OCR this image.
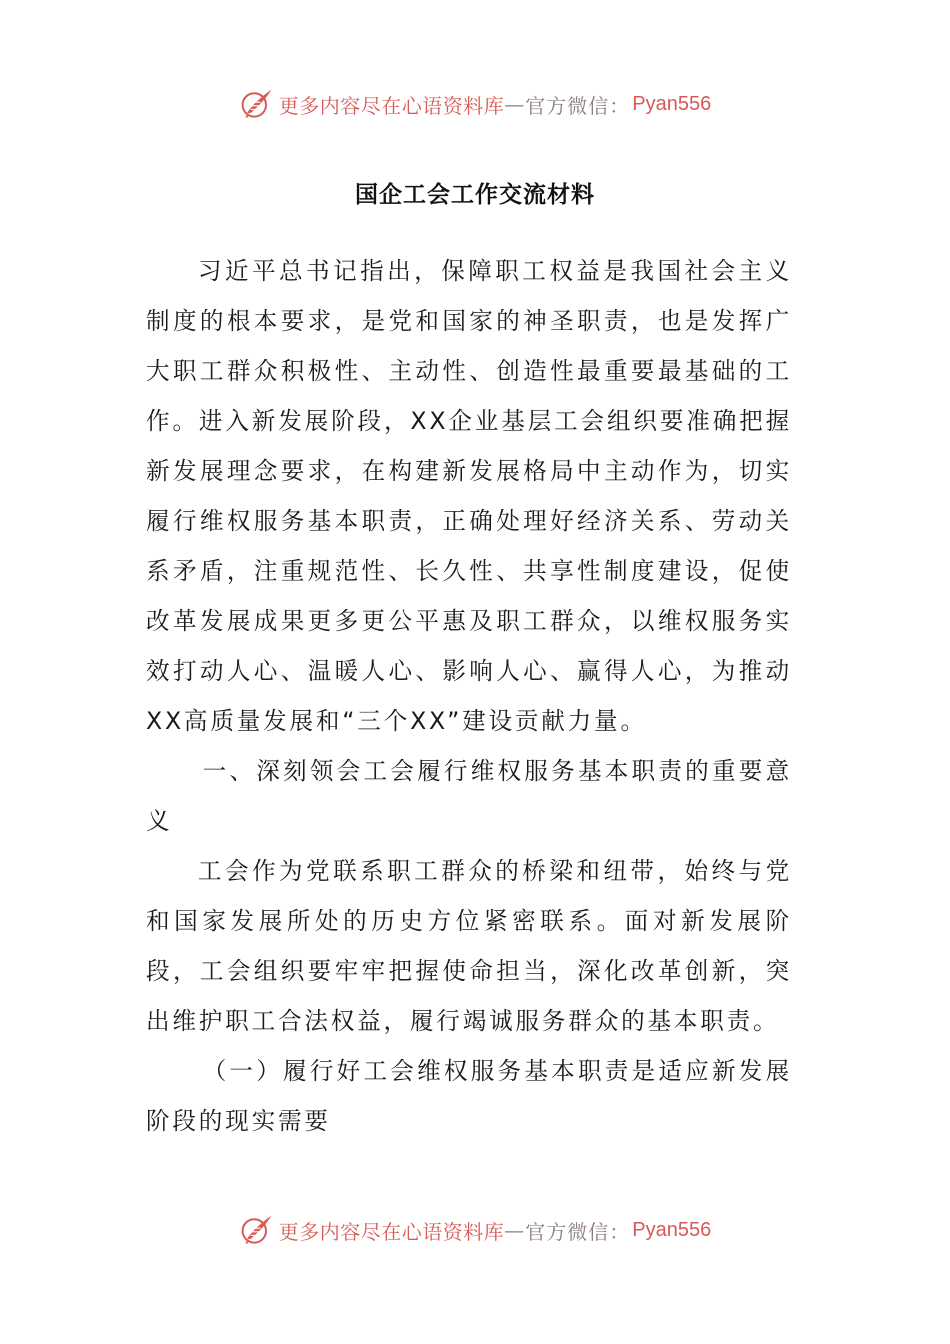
更多内容尽在心语资料库 — 官方微信： Pyan556
国企工会工作交流材料

习近平总书记指出，保障职工权益是我国社会主义制度的根本要求，是党和国家的神圣职责，也是发挥广大职工群众积极性、主动性、创造性最重要最基础的工作。进入新发展阶段，XX企业基层工会组织要准确把握新发展理念要求，在构建新发展格局中主动作为，切实履行维权服务基本职责，正确处理好经济关系、劳动关系矛盾，注重规范性、长久性、共享性制度建设，促使改革发展成果更多更公平惠及职工群众，以维权服务实效打动人心、温暖人心、影响人心、赢得人心，为推动XX高质量发展和“三个XX”建设贡献力量。

一、深刻领会工会履行维权服务基本职责的重要意义

工会作为党联系职工群众的桥梁和纽带，始终与党和国家发展所处的历史方位紧密联系。面对新发展阶段，工会组织要牢牢把握使命担当，深化改革创新，突出维护职工合法权益，履行竭诚服务群众的基本职责。

（一）履行好工会维权服务基本职责是适应新发展阶段的现实需要

更多内容尽在心语资料库 — 官方微信： Pyan556
